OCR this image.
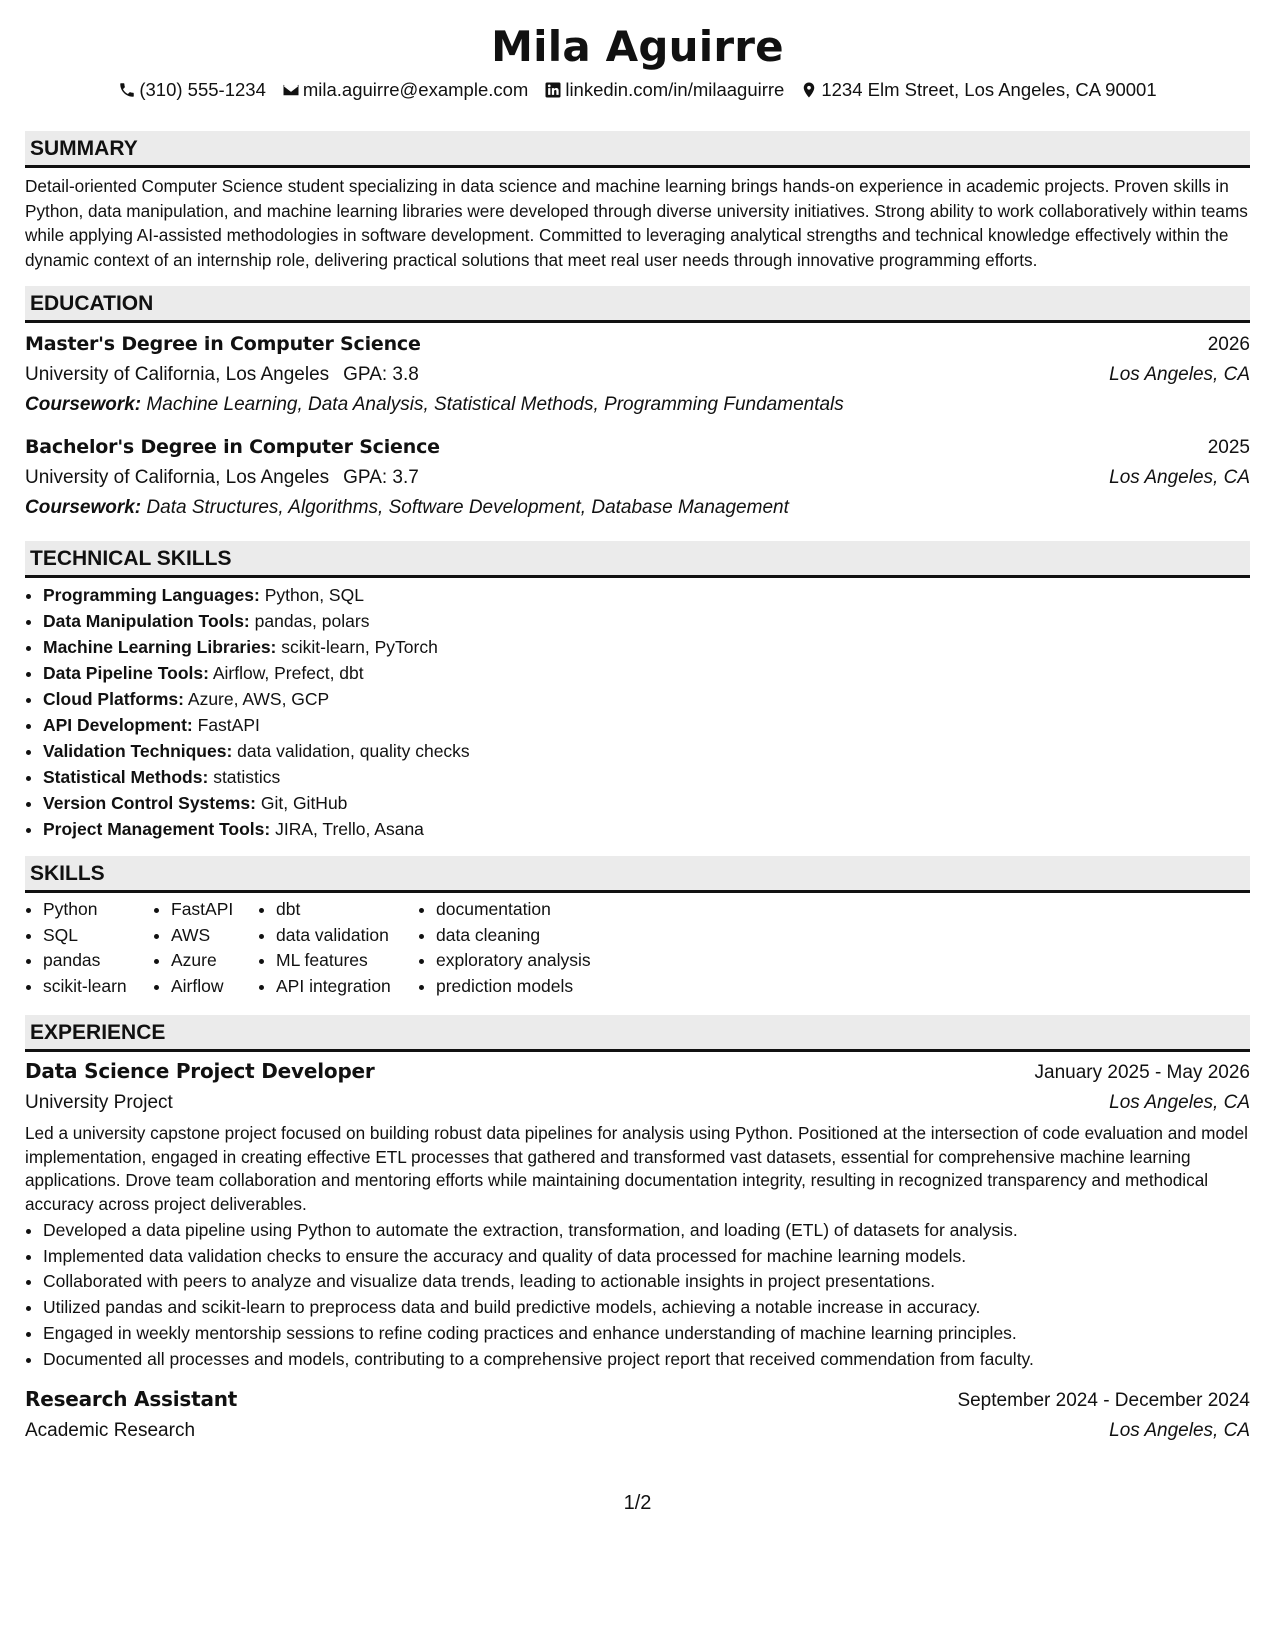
Mila Aguirre
(310) 555-1234 mila.aguirre@example.com linkedin.com/in/milaaguirre 1234 Elm Street, Los Angeles, CA 90001
SUMMARY

Detail-oriented Computer Science student specializing in data science and machine learning brings hands-on experience in academic projects. Proven skills in Python, data manipulation, and machine learning libraries were developed through diverse university initiatives. Strong ability to work collaboratively within teams while applying AI-assisted methodologies in software development. Committed to leveraging analytical strengths and technical knowledge effectively within the dynamic context of an internship role, delivering practical solutions that meet real user needs through innovative programming efforts.

EDUCATION
Master's Degree in Computer Science	2026
University of California, Los Angeles GPA: 3.8	Los Angeles, CA
Coursework: Machine Learning, Data Analysis, Statistical Methods, Programming Fundamentals
Bachelor's Degree in Computer Science	2025
University of California, Los Angeles GPA: 3.7	Los Angeles, CA
Coursework: Data Structures, Algorithms, Software Development, Database Management
TECHNICAL SKILLS
• Programming Languages: Python, SQL
• Data Manipulation Tools: pandas, polars
• Machine Learning Libraries: scikit-learn, PyTorch
• Data Pipeline Tools: Airflow, Prefect, dbt
• Cloud Platforms: Azure, AWS, GCP
• API Development: FastAPI
• Validation Techniques: data validation, quality checks
• Statistical Methods: statistics
• Version Control Systems: Git, GitHub
• Project Management Tools: JIRA, Trello, Asana
SKILLS
• Python
• SQL
• pandas
• scikit-learn
• FastAPI
• AWS
• Azure
• Airflow
• dbt
• data validation
• ML features
• API integration
• documentation
• data cleaning
• exploratory analysis
• prediction models
EXPERIENCE
Data Science Project Developer	January 2025 - May 2026
University Project	Los Angeles, CA
Led a university capstone project focused on building robust data pipelines for analysis using Python. Positioned at the intersection of code evaluation and model implementation, engaged in creating effective ETL processes that gathered and transformed vast datasets, essential for comprehensive machine learning applications. Drove team collaboration and mentoring efforts while maintaining documentation integrity, resulting in recognized transparency and methodical accuracy across project deliverables.
• Developed a data pipeline using Python to automate the extraction, transformation, and loading (ETL) of datasets for analysis.
• Implemented data validation checks to ensure the accuracy and quality of data processed for machine learning models.
• Collaborated with peers to analyze and visualize data trends, leading to actionable insights in project presentations.
• Utilized pandas and scikit-learn to preprocess data and build predictive models, achieving a notable increase in accuracy.
• Engaged in weekly mentorship sessions to refine coding practices and enhance understanding of machine learning principles.
• Documented all processes and models, contributing to a comprehensive project report that received commendation from faculty.
Research Assistant	September 2024 - December 2024
Academic Research	Los Angeles, CA
1/2
